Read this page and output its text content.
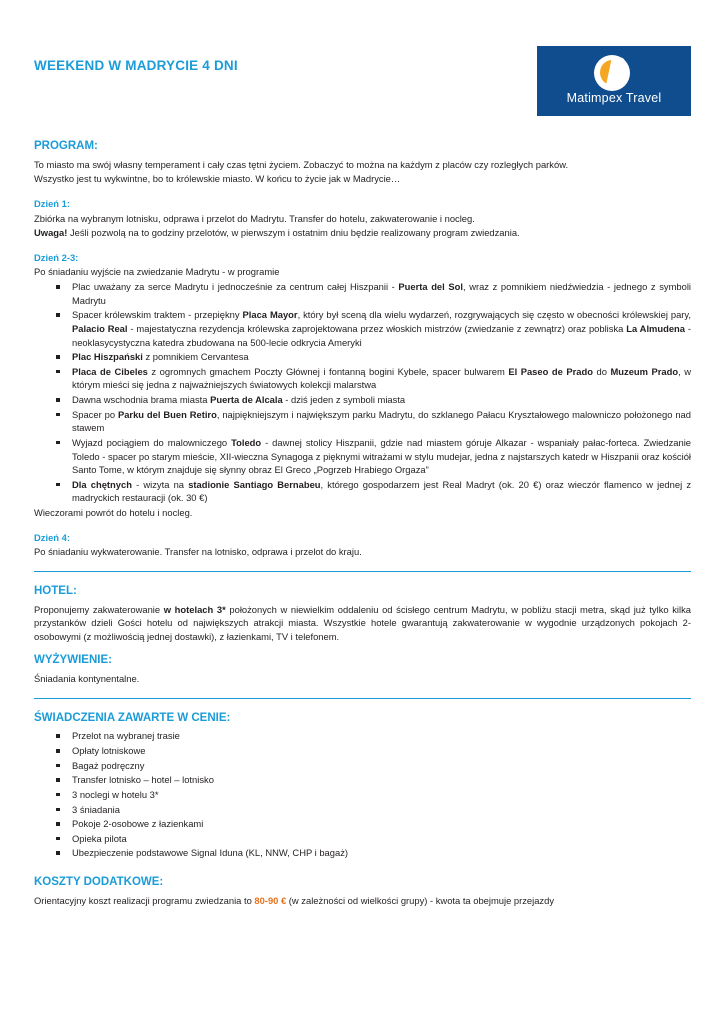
WEEKEND W MADRYCIE 4 DNI
Matimpex Travel
PROGRAM:

To miasto ma swój własny temperament i cały czas tętni życiem. Zobaczyć to można na każdym z placów czy rozległych parków.

Wszystko jest tu wykwintne, bo to królewskie miasto. W końcu to życie jak w Madrycie…

Dzień 1:

Zbiórka na wybranym lotnisku, odprawa i przelot do Madrytu. Transfer do hotelu, zakwaterowanie i nocleg.

Uwaga! Jeśli pozwolą na to godziny przelotów, w pierwszym i ostatnim dniu będzie realizowany program zwiedzania.

Dzień 2-3:

Po śniadaniu wyjście na zwiedzanie Madrytu - w programie

Plac uważany za serce Madrytu i jednocześnie za centrum całej Hiszpanii - Puerta del Sol, wraz z pomnikiem niedźwiedzia - jednego z symboli Madrytu
Spacer królewskim traktem - przepiękny Placa Mayor, który był sceną dla wielu wydarzeń, rozgrywających się często w obecności królewskiej pary, Palacio Real - majestatyczna rezydencja królewska zaprojektowana przez włoskich mistrzów (zwiedzanie z zewnątrz) oraz pobliska La Almudena - neoklasycystyczna katedra zbudowana na 500-lecie odkrycia Ameryki
Plac Hiszpański z pomnikiem Cervantesa
Placa de Cibeles z ogromnych gmachem Poczty Głównej i fontanną bogini Kybele, spacer bulwarem El Paseo de Prado do Muzeum Prado, w którym mieści się jedna z najważniejszych światowych kolekcji malarstwa
Dawna wschodnia brama miasta Puerta de Alcala - dziś jeden z symboli miasta
Spacer po Parku del Buen Retiro, najpiękniejszym i największym parku Madrytu, do szklanego Pałacu Kryształowego malowniczo położonego nad stawem
Wyjazd pociągiem do malowniczego Toledo - dawnej stolicy Hiszpanii, gdzie nad miastem góruje Alkazar - wspaniały pałac-forteca. Zwiedzanie Toledo - spacer po starym mieście, XII-wieczna Synagoga z pięknymi witrażami w stylu mudejar, jedna z najstarszych katedr w Hiszpanii oraz kościół Santo Tome, w którym znajduje się słynny obraz El Greco „Pogrzeb Hrabiego Orgaza”
Dla chętnych - wizyta na stadionie Santiago Bernabeu, którego gospodarzem jest Real Madryt (ok. 20 €) oraz wieczór flamenco w jednej z madryckich restauracji (ok. 30 €)

Wieczorami powrót do hotelu i nocleg.

Dzień 4:

Po śniadaniu wykwaterowanie. Transfer na lotnisko, odprawa i przelot do kraju.

HOTEL:

Proponujemy zakwaterowanie w hotelach 3* położonych w niewielkim oddaleniu od ścisłego centrum Madrytu, w pobliżu stacji metra, skąd już tylko kilka przystanków dzieli Gości hotelu od największych atrakcji miasta. Wszystkie hotele gwarantują zakwaterowanie w wygodnie urządzonych pokojach 2-osobowymi (z możliwością jednej dostawki), z łazienkami, TV i telefonem.

WYŻYWIENIE:

Śniadania kontynentalne.

ŚWIADCZENIA ZAWARTE W CENIE:
Przelot na wybranej trasie
Opłaty lotniskowe
Bagaż podręczny
Transfer lotnisko – hotel – lotnisko
3 noclegi w hotelu 3*
3 śniadania
Pokoje 2-osobowe z łazienkami
Opieka pilota
Ubezpieczenie podstawowe Signal Iduna (KL, NNW, CHP i bagaż)
KOSZTY DODATKOWE:

Orientacyjny koszt realizacji programu zwiedzania to 80-90 € (w zależności od wielkości grupy) - kwota ta obejmuje przejazdy
